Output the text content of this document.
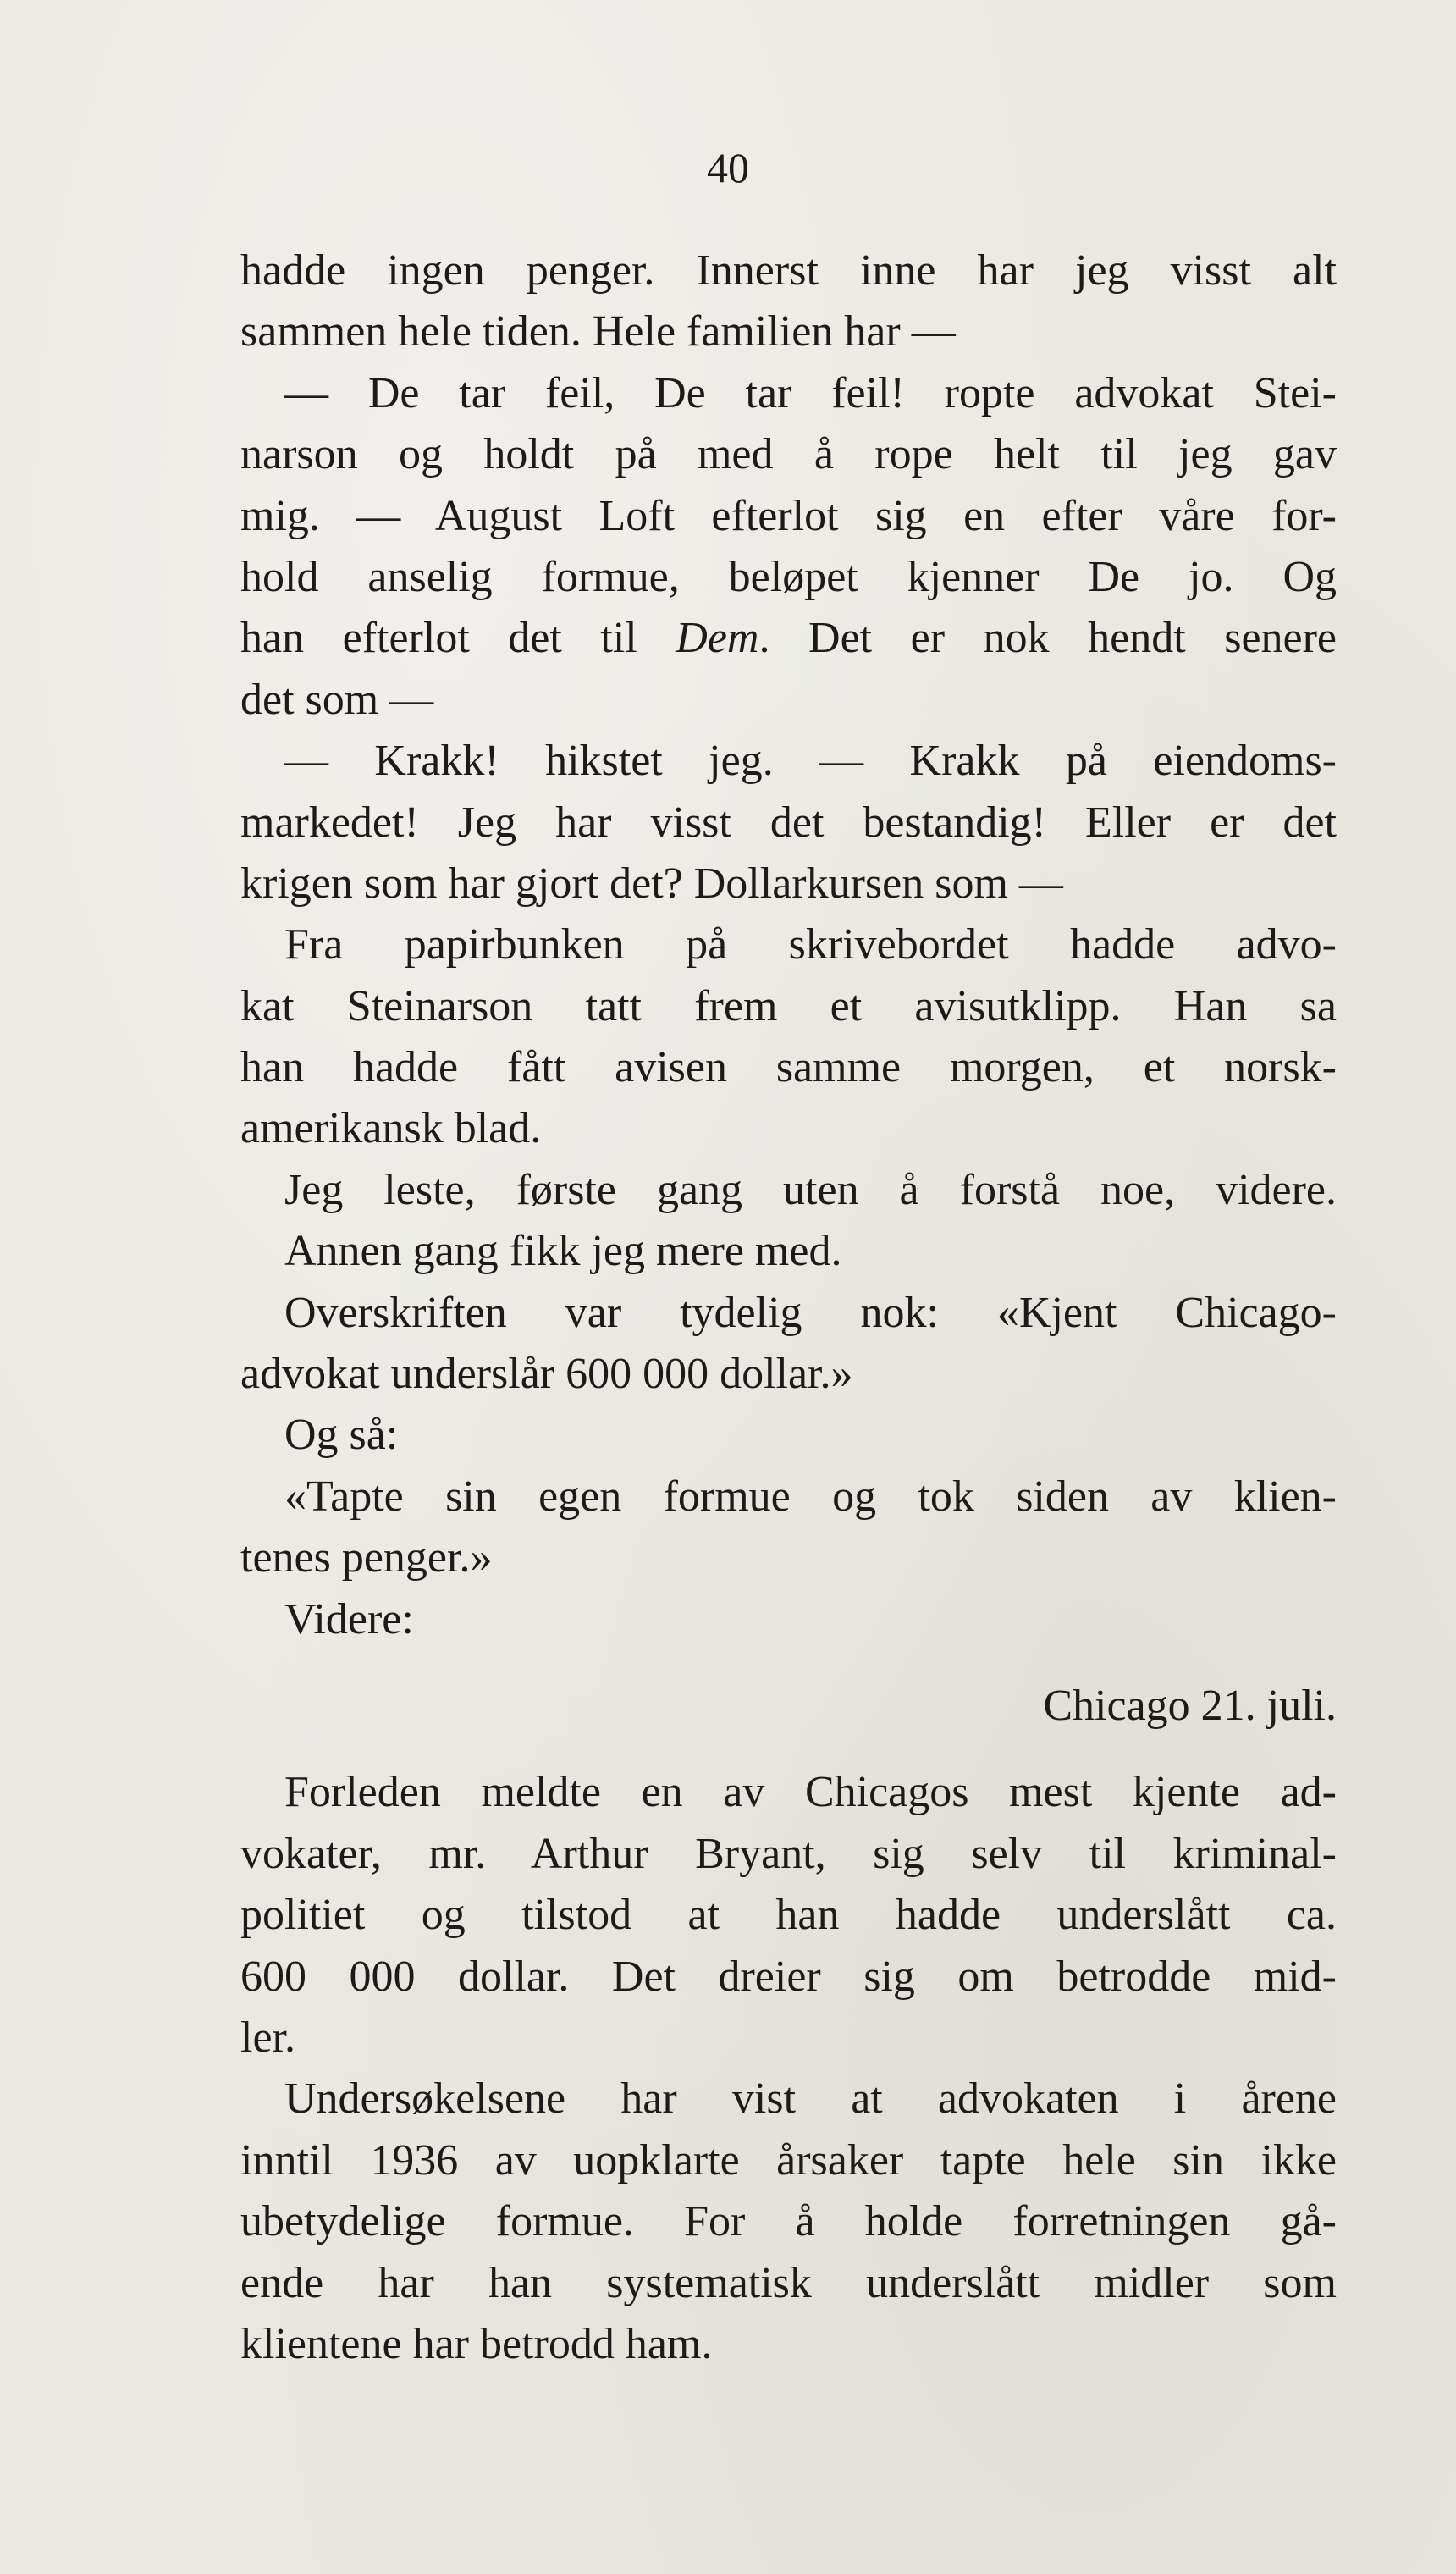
40
hadde ingen penger. Innerst inne har jeg visst alt
sammen hele tiden. Hele familien har —
— De tar feil, De tar feil! ropte advokat Stei-
narson og holdt på med å rope helt til jeg gav
mig. — August Loft efterlot sig en efter våre for-
hold anselig formue, beløpet kjenner De jo. Og
han efterlot det til Dem. Det er nok hendt senere
det som —
— Krakk! hikstet jeg. — Krakk på eiendoms-
markedet! Jeg har visst det bestandig! Eller er det
krigen som har gjort det? Dollarkursen som —
Fra papirbunken på skrivebordet hadde advo-
kat Steinarson tatt frem et avisutklipp. Han sa
han hadde fått avisen samme morgen, et norsk-
amerikansk blad.
Jeg leste, første gang uten å forstå noe, videre.
Annen gang fikk jeg mere med.
Overskriften var tydelig nok: «Kjent Chicago-
advokat underslår 600 000 dollar.»
Og så:
«Tapte sin egen formue og tok siden av klien-
tenes penger.»
Videre:
Chicago 21. juli.
Forleden meldte en av Chicagos mest kjente ad-
vokater, mr. Arthur Bryant, sig selv til kriminal-
politiet og tilstod at han hadde underslått ca.
600 000 dollar. Det dreier sig om betrodde mid-
ler.
Undersøkelsene har vist at advokaten i årene
inntil 1936 av uopklarte årsaker tapte hele sin ikke
ubetydelige formue. For å holde forretningen gå-
ende har han systematisk underslått midler som
klientene har betrodd ham.
